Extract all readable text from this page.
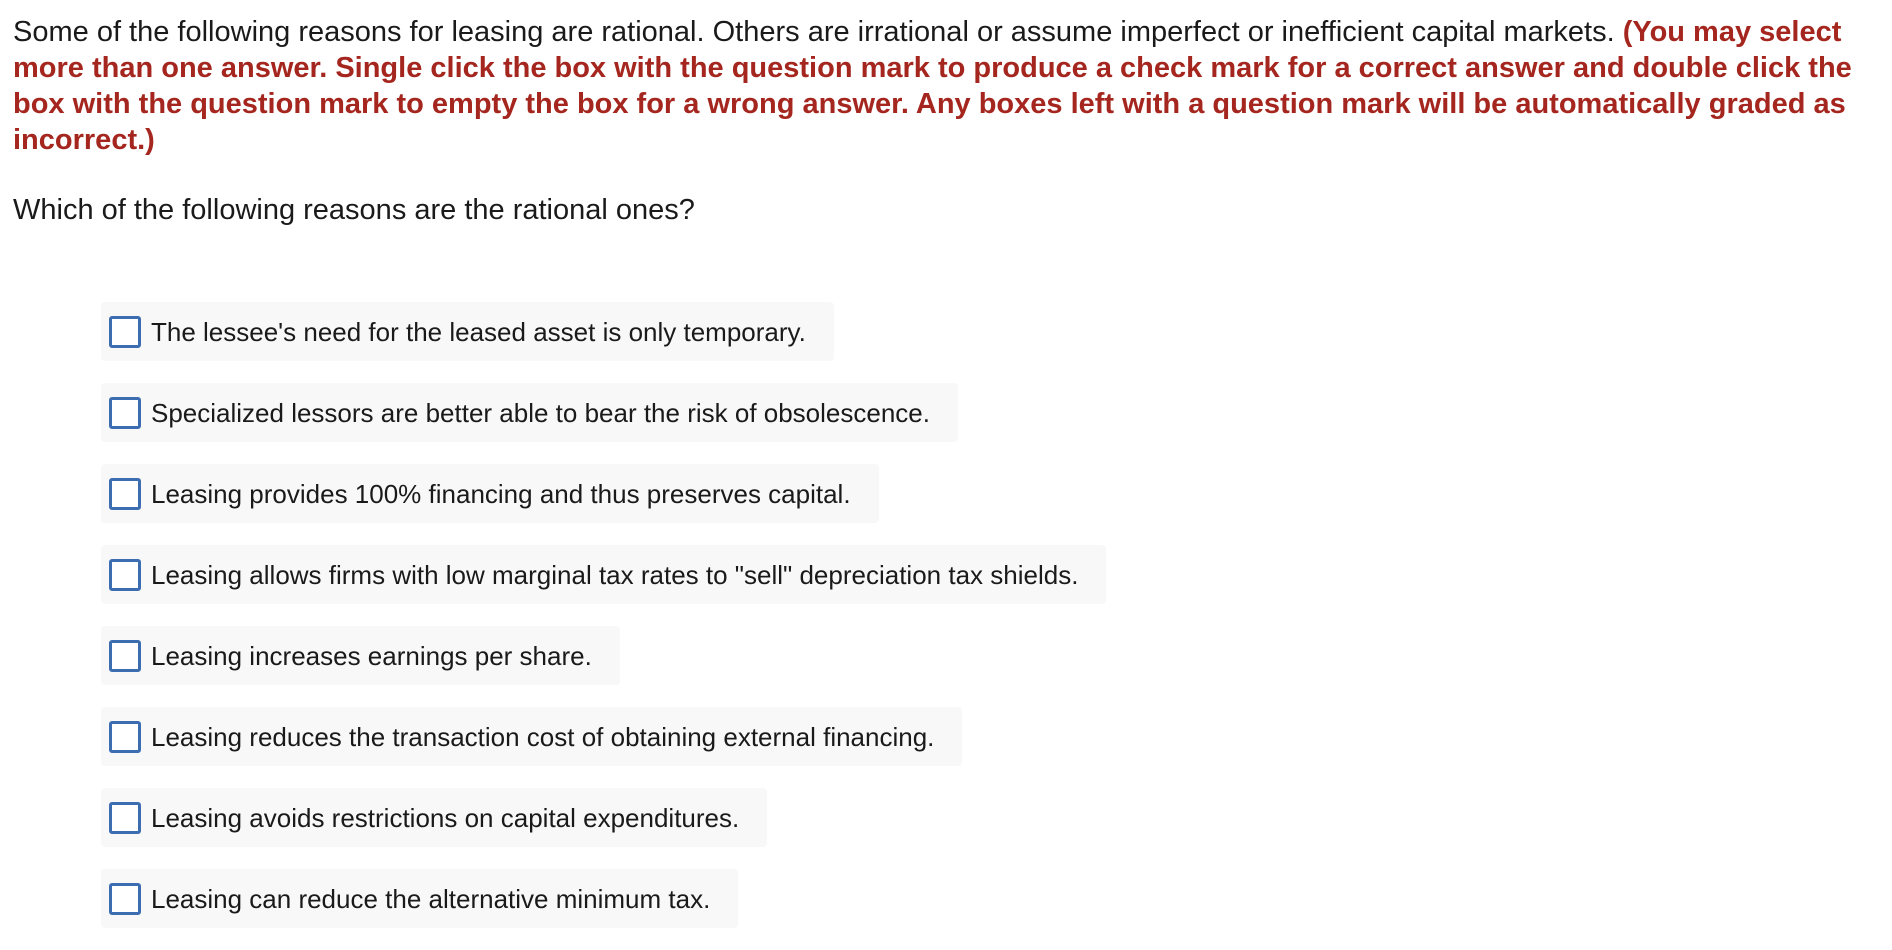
Some of the following reasons for leasing are rational. Others are irrational or assume imperfect or inefficient capital markets. (You may select more than one answer. Single click the box with the question mark to produce a check mark for a correct answer and double click the box with the question mark to empty the box for a wrong answer. Any boxes left with a question mark will be automatically graded as incorrect.)

Which of the following reasons are the rational ones?

The lessee's need for the leased asset is only temporary.
Specialized lessors are better able to bear the risk of obsolescence.
Leasing provides 100% financing and thus preserves capital.
Leasing allows firms with low marginal tax rates to "sell" depreciation tax shields.
Leasing increases earnings per share.
Leasing reduces the transaction cost of obtaining external financing.
Leasing avoids restrictions on capital expenditures.
Leasing can reduce the alternative minimum tax.
